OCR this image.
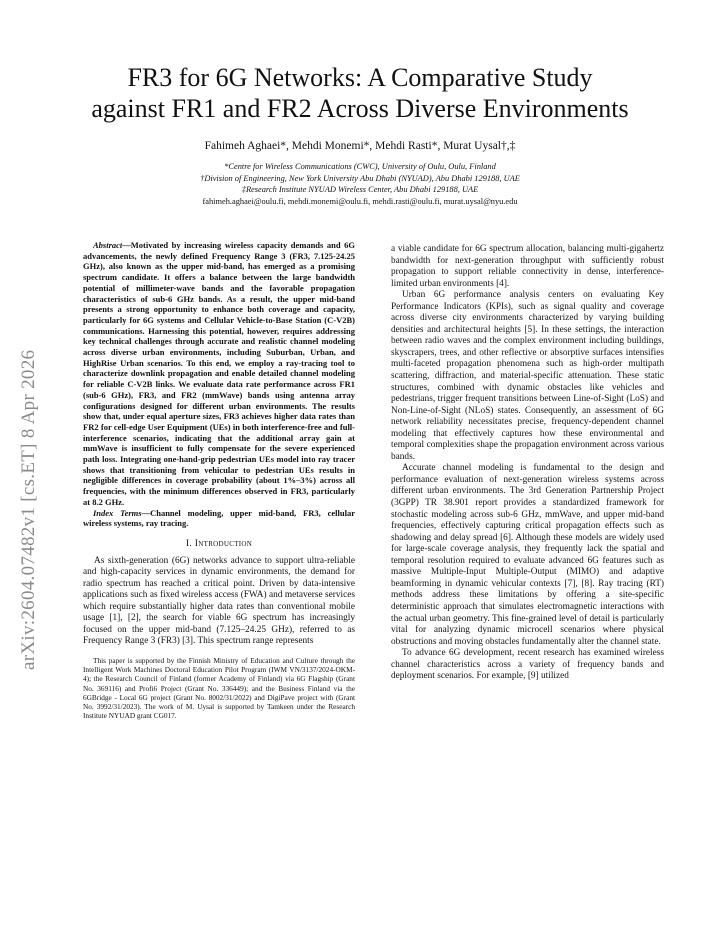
arXiv:2604.07482v1 [cs.ET] 8 Apr 2026
FR3 for 6G Networks: A Comparative Study
against FR1 and FR2 Across Diverse Environments
Fahimeh Aghaei*, Mehdi Monemi*, Mehdi Rasti*, Murat Uysal†,‡
*Centre for Wireless Communications (CWC), University of Oulu, Oulu, Finland
†Division of Engineering, New York University Abu Dhabi (NYUAD), Abu Dhabi 129188, UAE
‡Research Institute NYUAD Wireless Center, Abu Dhabi 129188, UAE
fahimeh.aghaei@oulu.fi, mehdi.monemi@oulu.fi, mehdi.rasti@oulu.fi, murat.uysal@nyu.edu

Abstract—Motivated by increasing wireless capacity demands and 6G advancements, the newly defined Frequency Range 3 (FR3, 7.125-24.25 GHz), also known as the upper mid-band, has emerged as a promising spectrum candidate. It offers a balance between the large bandwidth potential of millimeter-wave bands and the favorable propagation characteristics of sub-6 GHz bands. As a result, the upper mid-band presents a strong opportunity to enhance both coverage and capacity, particularly for 6G systems and Cellular Vehicle-to-Base Station (C-V2B) communications. Harnessing this potential, however, requires addressing key technical challenges through accurate and realistic channel modeling across diverse urban environments, including Suburban, Urban, and HighRise Urban scenarios. To this end, we employ a ray-tracing tool to characterize downlink propagation and enable detailed channel modeling for reliable C-V2B links. We evaluate data rate performance across FR1 (sub-6 GHz), FR3, and FR2 (mmWave) bands using antenna array configurations designed for different urban environments. The results show that, under equal aperture sizes, FR3 achieves higher data rates than FR2 for cell-edge User Equipment (UEs) in both interference-free and full-interference scenarios, indicating that the additional array gain at mmWave is insufficient to fully compensate for the severe experienced path loss. Integrating one-hand-grip pedestrian UEs model into ray tracer shows that transitioning from vehicular to pedestrian UEs results in negligible differences in coverage probability (about 1%–3%) across all frequencies, with the minimum differences observed in FR3, particularly at 8.2 GHz.

Index Terms—Channel modeling, upper mid-band, FR3, cellular wireless systems, ray tracing.

I. Introduction

As sixth-generation (6G) networks advance to support ultra-reliable and high-capacity services in dynamic environments, the demand for radio spectrum has reached a critical point. Driven by data-intensive applications such as fixed wireless access (FWA) and metaverse services which require substantially higher data rates than conventional mobile usage [1], [2], the search for viable 6G spectrum has increasingly focused on the upper mid-band (7.125–24.25 GHz), referred to as Frequency Range 3 (FR3) [3]. This spectrum range represents

This paper is supported by the Finnish Ministry of Education and Culture through the Intelligent Work Machines Doctoral Education Pilot Program (IWM VN/3137/2024-OKM-4); the Research Council of Finland (former Academy of Finland) via 6G Flagship (Grant No. 369116) and Profi6 Project (Grant No. 336449); and the Business Finland via the 6GBridge - Local 6G project (Grant No. 8002/31/2022) and DigiPave project with (Grant No. 3992/31/2023). The work of M. Uysal is supported by Tamkeen under the Research Institute NYUAD grant CG017.

a viable candidate for 6G spectrum allocation, balancing multi-gigahertz bandwidth for next-generation throughput with sufficiently robust propagation to support reliable connectivity in dense, interference-limited urban environments [4].

Urban 6G performance analysis centers on evaluating Key Performance Indicators (KPIs), such as signal quality and coverage across diverse city environments characterized by varying building densities and architectural heights [5]. In these settings, the interaction between radio waves and the complex environment including buildings, skyscrapers, trees, and other reflective or absorptive surfaces intensifies multi-faceted propagation phenomena such as high-order multipath scattering, diffraction, and material-specific attenuation. These static structures, combined with dynamic obstacles like vehicles and pedestrians, trigger frequent transitions between Line-of-Sight (LoS) and Non-Line-of-Sight (NLoS) states. Consequently, an assessment of 6G network reliability necessitates precise, frequency-dependent channel modeling that effectively captures how these environmental and temporal complexities shape the propagation environment across various bands.

Accurate channel modeling is fundamental to the design and performance evaluation of next-generation wireless systems across different urban environments. The 3rd Generation Partnership Project (3GPP) TR 38.901 report provides a standardized framework for stochastic modeling across sub-6 GHz, mmWave, and upper mid-band frequencies, effectively capturing critical propagation effects such as shadowing and delay spread [6]. Although these models are widely used for large-scale coverage analysis, they frequently lack the spatial and temporal resolution required to evaluate advanced 6G features such as massive Multiple-Input Multiple-Output (MIMO) and adaptive beamforming in dynamic vehicular contexts [7], [8]. Ray tracing (RT) methods address these limitations by offering a site-specific deterministic approach that simulates electromagnetic interactions with the actual urban geometry. This fine-grained level of detail is particularly vital for analyzing dynamic microcell scenarios where physical obstructions and moving obstacles fundamentally alter the channel state.

To advance 6G development, recent research has examined wireless channel characteristics across a variety of frequency bands and deployment scenarios. For example, [9] utilized
